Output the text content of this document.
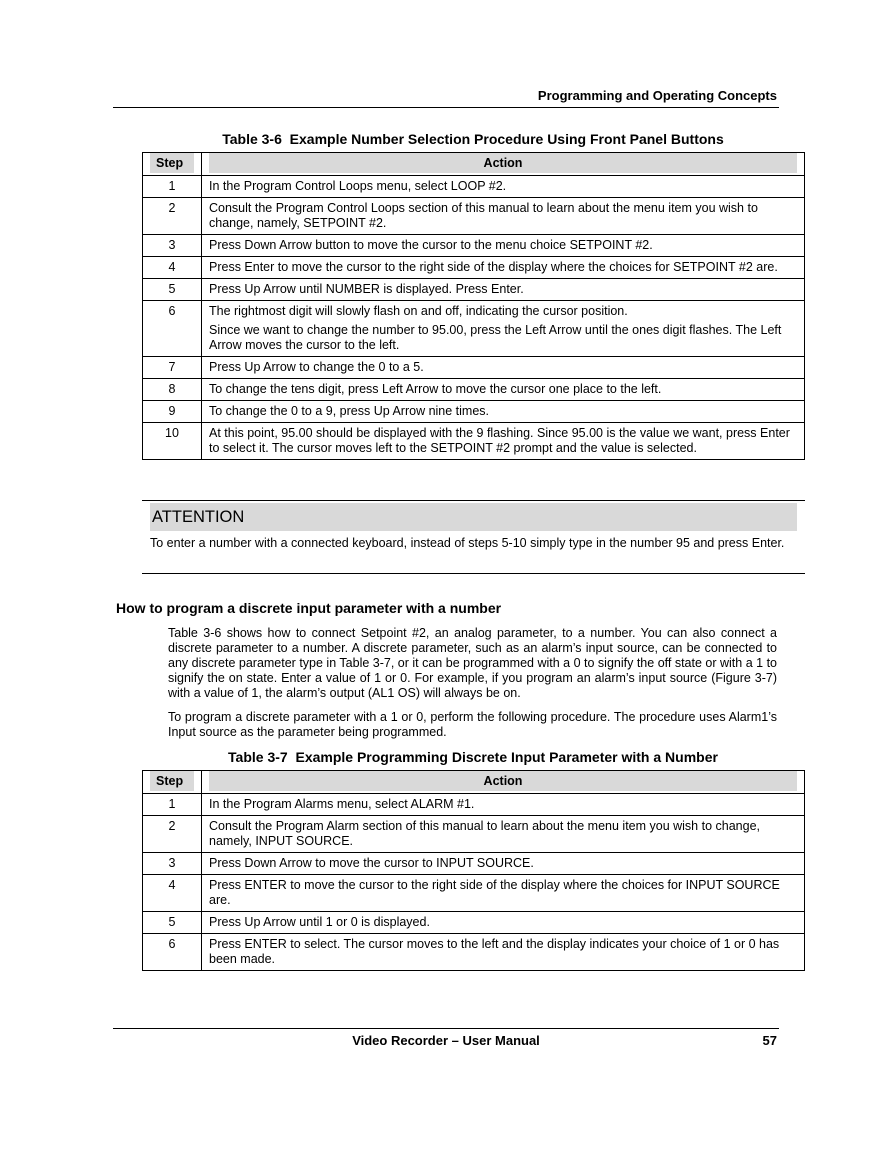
Programming and Operating Concepts
Table 3-6  Example Number Selection Procedure Using Front Panel Buttons
Step	Action

1	In the Program Control Loops menu, select LOOP #2.

2	Consult the Program Control Loops section of this manual to learn about the menu item you wish to change, namely, SETPOINT #2.

3	Press Down Arrow button to move the cursor to the menu choice SETPOINT #2.

4	Press Enter to move the cursor to the right side of the display where the choices for SETPOINT #2 are.

5	Press Up Arrow until NUMBER is displayed. Press Enter.

6	The rightmost digit will slowly flash on and off, indicating the cursor position.

Since we want to change the number to 95.00, press the Left Arrow until the ones digit flashes. The Left Arrow moves the cursor to the left.

7	Press Up Arrow to change the 0 to a 5.

8	To change the tens digit, press Left Arrow to move the cursor one place to the left.

9	To change the 0 to a 9, press Up Arrow nine times.

10	At this point, 95.00 should be displayed with the 9 flashing. Since 95.00 is the value we want, press Enter to select it. The cursor moves left to the SETPOINT #2 prompt and the value is selected.

ATTENTION
To enter a number with a connected keyboard, instead of steps 5-10 simply type in the number 95 and press Enter.
How to program a discrete input parameter with a number

Table 3-6 shows how to connect Setpoint #2, an analog parameter, to a number. You can also connect a discrete parameter to a number. A discrete parameter, such as an alarm’s input source, can be connected to any discrete parameter type in Table 3-7, or it can be programmed with a 0 to signify the off state or with a 1 to signify the on state. Enter a value of 1 or 0. For example, if you program an alarm’s input source (Figure 3-7) with a value of 1, the alarm’s output (AL1 OS) will always be on.

To program a discrete parameter with a 1 or 0, perform the following procedure. The procedure uses Alarm1’s Input source as the parameter being programmed.

Table 3-7  Example Programming Discrete Input Parameter with a Number
Step	Action

1	In the Program Alarms menu, select ALARM #1.

2	Consult the Program Alarm section of this manual to learn about the menu item you wish to change, namely, INPUT SOURCE.

3	Press Down Arrow to move the cursor to INPUT SOURCE.

4	Press ENTER to move the cursor to the right side of the display where the choices for INPUT SOURCE are.

5	Press Up Arrow until 1 or 0 is displayed.

6	Press ENTER to select. The cursor moves to the left and the display indicates your choice of 1 or 0 has been made.

Video Recorder – User Manual	57
